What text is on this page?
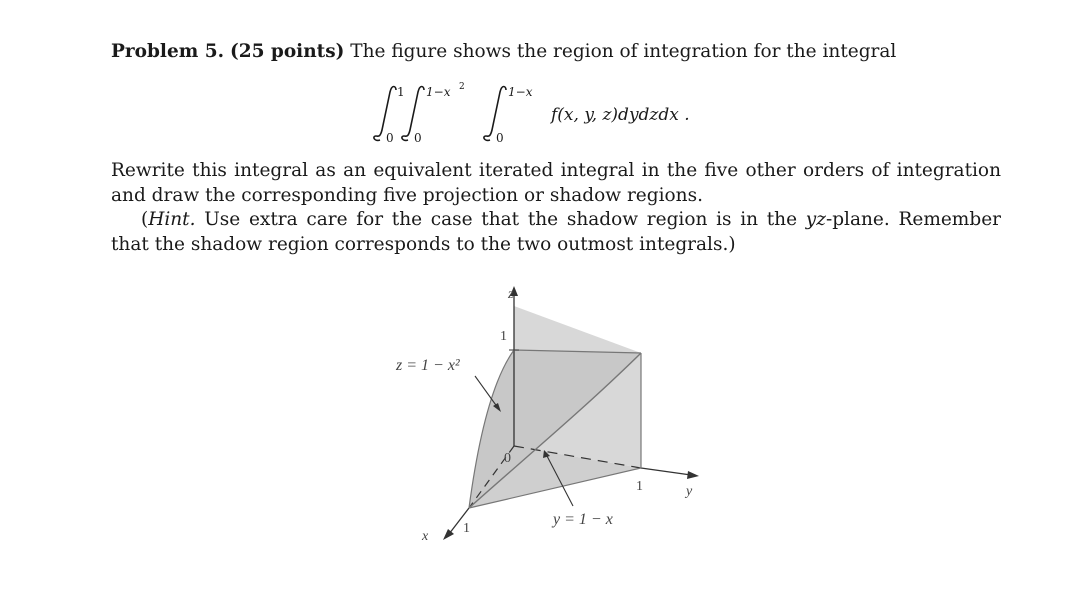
Problem 5. (25 points) The figure shows the region of integration for the integral
1
0
1−x 2
0
1−x
0
f(x, y, z)dydzdx .

Rewrite this integral as an equivalent iterated integral in the five other orders of integration and draw the corresponding five projection or shadow regions.

(Hint. Use extra care for the case that the shadow region is in the yz-plane. Remember that the shadow region corresponds to the two outmost integrals.)

z
1
0
1	y
1
x
z = 1 − x²
y = 1 − x
